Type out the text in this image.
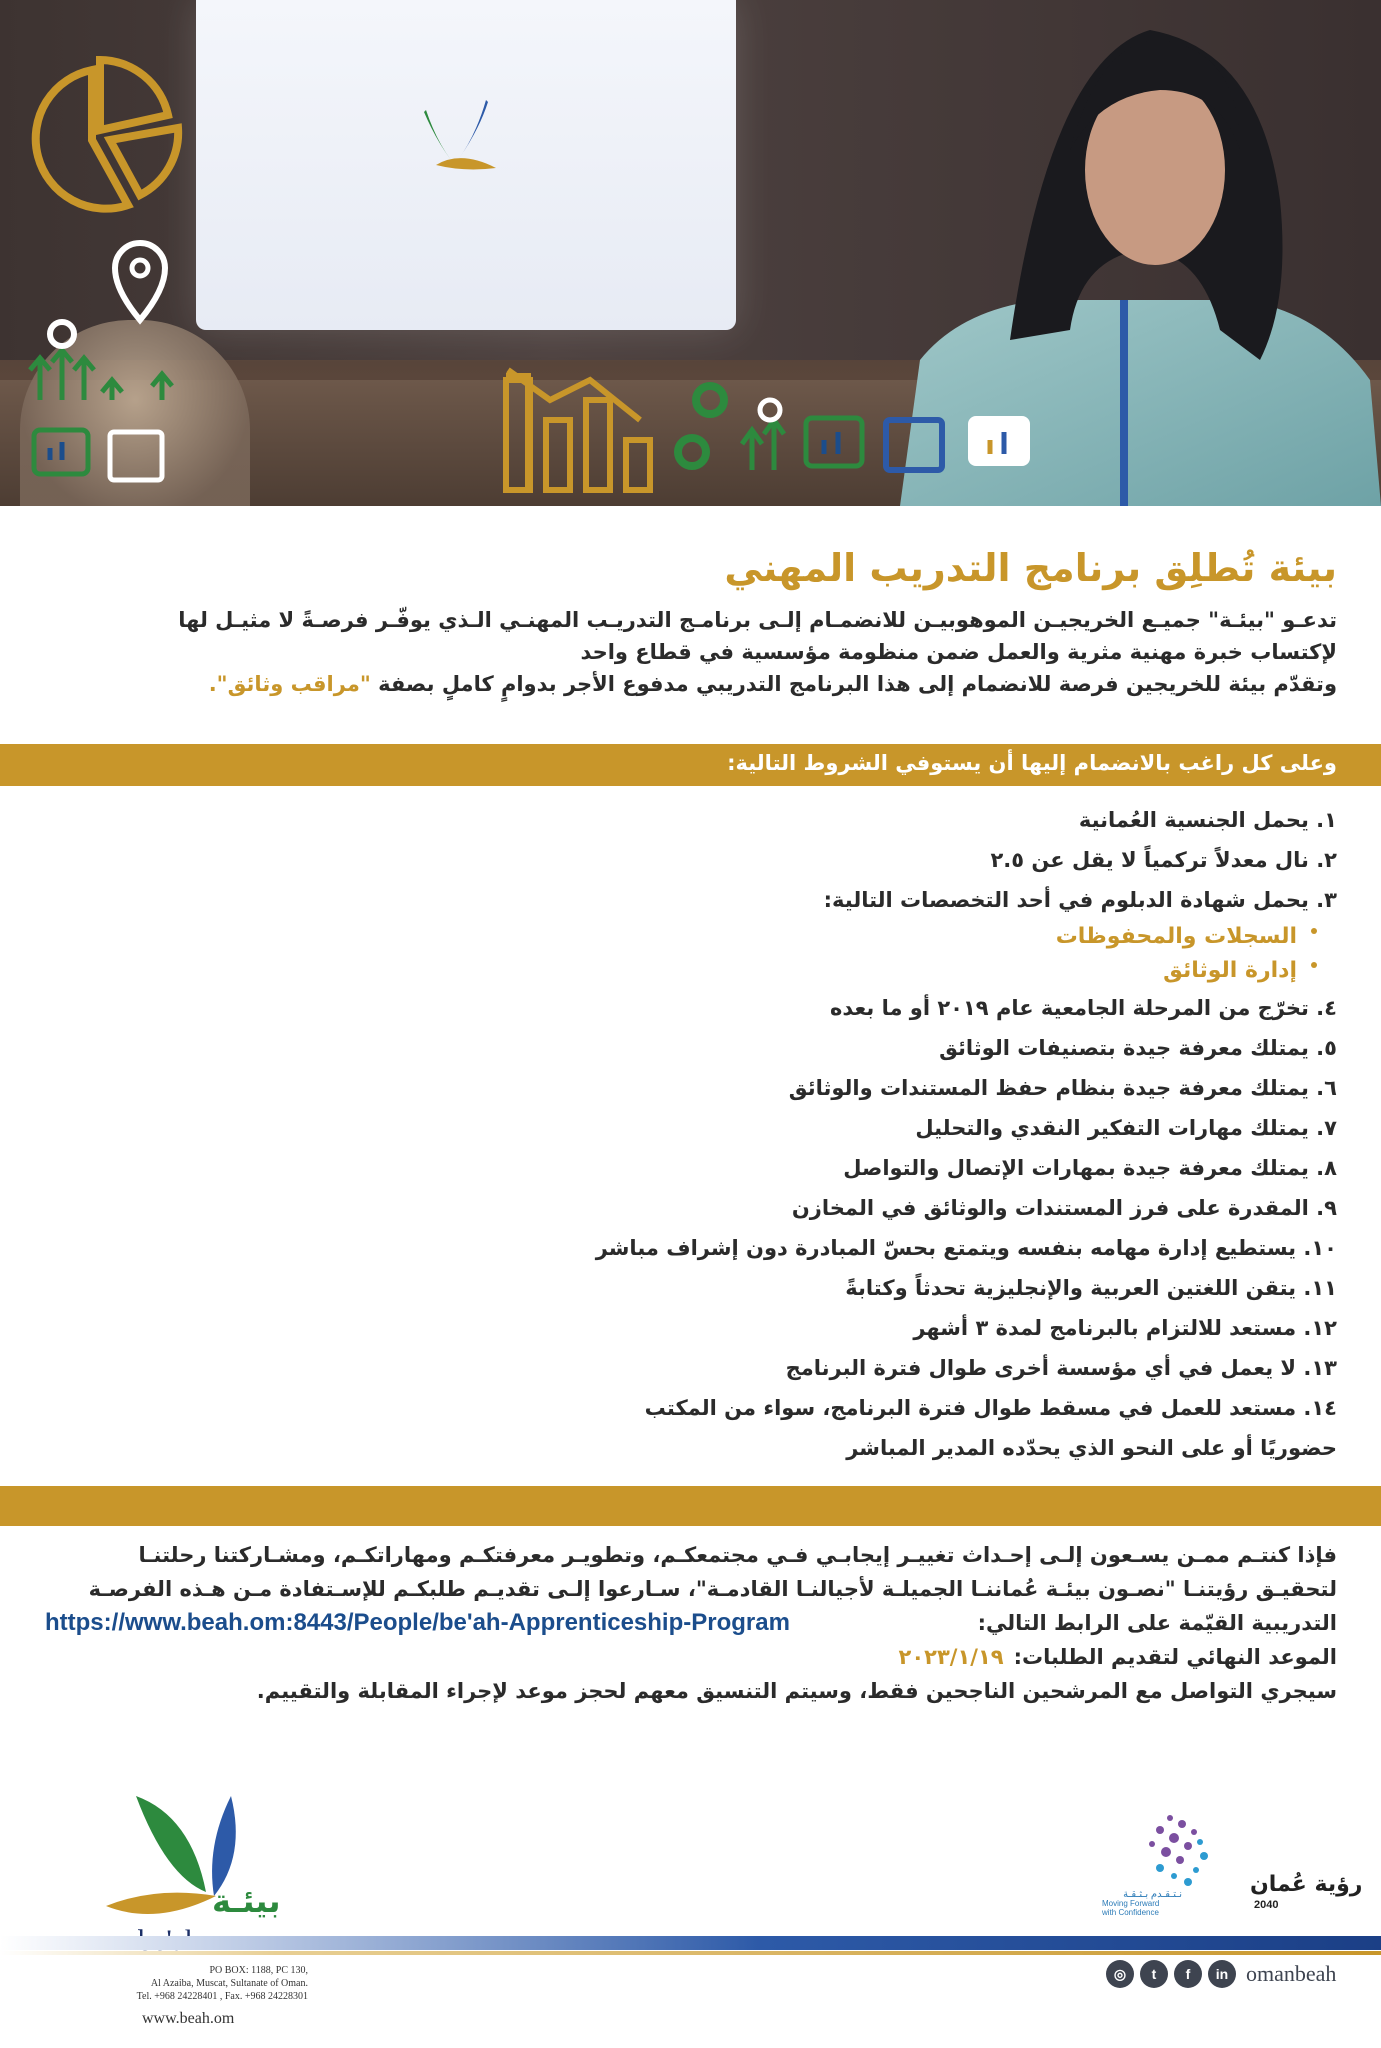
بيئة تُطلِق برنامج التدريب المهني

تدعـو "بيئـة" جميـع الخريجيـن الموهوبيـن للانضمـام إلـى برنامـج التدريـب المهنـي الـذي يوفّـر فرصـةً لا مثيـل لها

لإكتساب خبرة مهنية مثرية والعمل ضمن منظومة مؤسسية في قطاع واحد

وتقدّم بيئة للخريجين فرصة للانضمام إلى هذا البرنامج التدريبي مدفوع الأجر بدوامٍ كاملٍ بصفة "مراقب وثائق".

وعلى كل راغب بالانضمام إليها أن يستوفي الشروط التالية:
١. يحمل الجنسية العُمانية
٢. نال معدلاً تركمياً لا يقل عن ٢.٥
٣. يحمل شهادة الدبلوم في أحد التخصصات التالية:
السجلات والمحفوظات
إدارة الوثائق
٤. تخرّج من المرحلة الجامعية عام ٢٠١٩ أو ما بعده
٥. يمتلك معرفة جيدة بتصنيفات الوثائق
٦. يمتلك معرفة جيدة بنظام حفظ المستندات والوثائق
٧. يمتلك مهارات التفكير النقدي والتحليل
٨. يمتلك معرفة جيدة بمهارات الإتصال والتواصل
٩. المقدرة على فرز المستندات والوثائق في المخازن
١٠. يستطيع إدارة مهامه بنفسه ويتمتع بحسّ المبادرة دون إشراف مباشر
١١. يتقن اللغتين العربية والإنجليزية تحدثاً وكتابةً
١٢. مستعد للالتزام بالبرنامج لمدة ٣ أشهر
١٣. لا يعمل في أي مؤسسة أخرى طوال فترة البرنامج
١٤. مستعد للعمل في مسقط طوال فترة البرنامج، سواء من المكتب
حضوريًا أو على النحو الذي يحدّده المدير المباشر

فإذا كنتـم ممـن يسـعون إلـى إحـداث تغييـر إيجابـي فـي مجتمعكـم، وتطويـر معرفتكـم ومهاراتكـم، ومشـاركتنا رحلتنـا

لتحقيـق رؤيتنـا "نصـون بيئـة عُماننـا الجميلـة لأجيالنـا القادمـة"، سـارعوا إلـى تقديـم طلبكـم للإسـتفادة مـن هـذه الفرصـة

التدريبية القيّمة على الرابط التالي:
https://www.beah.om:8443/People/be'ah-Apprenticeship-Program

الموعد النهائي لتقديم الطلبات:٢٠٢٣/١/١٩

سيجري التواصل مع المرشحين الناجحين فقط، وسيتم التنسيق معهم لحجز موعد لإجراء المقابلة والتقييم.

بيئـة
PO BOX: 1188, PC 130,
Al Azaiba, Muscat, Sultanate of Oman.
Tel. +968 24228401 , Fax. +968 24228301
www.beah.om
رؤية عُمان
2040
نـتـقـدم بـثـقـة
Moving Forward
with Confidence
◎	t	f	in omanbeah
